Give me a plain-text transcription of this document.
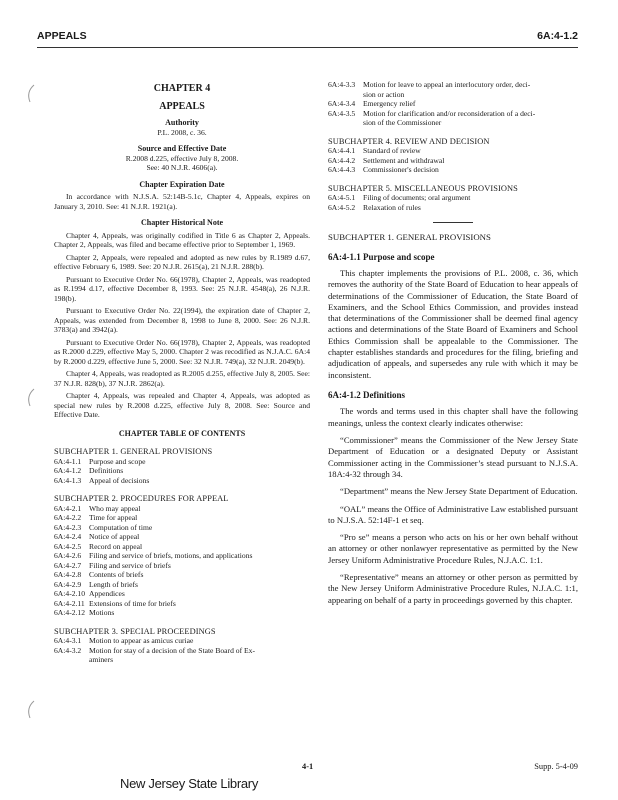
APPEALS	6A:4-1.2
CHAPTER 4
APPEALS
Authority
P.L. 2008, c. 36.
Source and Effective Date
R.2008 d.225, effective July 8, 2008.
See: 40 N.J.R. 4606(a).
Chapter Expiration Date

In accordance with N.J.S.A. 52:14B-5.1c, Chapter 4, Appeals, expires on January 3, 2010. See: 41 N.J.R. 1921(a).

Chapter Historical Note

Chapter 4, Appeals, was originally codified in Title 6 as Chapter 2, Appeals. Chapter 2, Appeals, was filed and became effective prior to September 1, 1969.

Chapter 2, Appeals, were repealed and adopted as new rules by R.1989 d.67, effective February 6, 1989. See: 20 N.J.R. 2615(a), 21 N.J.R. 288(b).

Pursuant to Executive Order No. 66(1978), Chapter 2, Appeals, was readopted as R.1994 d.17, effective December 8, 1993. See: 25 N.J.R. 4548(a), 26 N.J.R. 198(b).

Pursuant to Executive Order No. 22(1994), the expiration date of Chapter 2, Appeals, was extended from December 8, 1998 to June 8, 2000. See: 26 N.J.R. 3783(a) and 3942(a).

Pursuant to Executive Order No. 66(1978), Chapter 2, Appeals, was readopted as R.2000 d.229, effective May 5, 2000. Chapter 2 was recodified as N.J.A.C. 6A:4 by R.2000 d.229, effective June 5, 2000. See: 32 N.J.R. 749(a), 32 N.J.R. 2049(b).

Chapter 4, Appeals, was readopted as R.2005 d.255, effective July 8, 2005. See: 37 N.J.R. 828(b), 37 N.J.R. 2862(a).

Chapter 4, Appeals, was repealed and Chapter 4, Appeals, was adopted as special new rules by R.2008 d.225, effective July 8, 2008. See: Source and Effective Date.

CHAPTER TABLE OF CONTENTS
SUBCHAPTER 1. GENERAL PROVISIONS
6A:4-1.1	Purpose and scope
6A:4-1.2	Definitions
6A:4-1.3	Appeal of decisions
SUBCHAPTER 2. PROCEDURES FOR APPEAL
6A:4-2.1	Who may appeal
6A:4-2.2	Time for appeal
6A:4-2.3	Computation of time
6A:4-2.4	Notice of appeal
6A:4-2.5	Record on appeal
6A:4-2.6	Filing and service of briefs, motions, and applications
6A:4-2.7	Filing and service of briefs
6A:4-2.8	Contents of briefs
6A:4-2.9	Length of briefs
6A:4-2.10 Appendices
6A:4-2.11 Extensions of time for briefs
6A:4-2.12 Motions
SUBCHAPTER 3. SPECIAL PROCEEDINGS
6A:4-3.1	Motion to appear as amicus curiae
6A:4-3.2	Motion for stay of a decision of the State Board of Ex-
aminers
6A:4-3.3	Motion for leave to appeal an interlocutory order, deci-
sion or action
6A:4-3.4	Emergency relief
6A:4-3.5	Motion for clarification and/or reconsideration of a deci-
sion of the Commissioner
SUBCHAPTER 4. REVIEW AND DECISION
6A:4-4.1	Standard of review
6A:4-4.2	Settlement and withdrawal
6A:4-4.3	Commissioner's decision
SUBCHAPTER 5. MISCELLANEOUS PROVISIONS
6A:4-5.1	Filing of documents; oral argument
6A:4-5.2	Relaxation of rules
SUBCHAPTER 1. GENERAL PROVISIONS
6A:4-1.1 Purpose and scope

This chapter implements the provisions of P.L. 2008, c. 36, which removes the authority of the State Board of Education to hear appeals of determinations of the Commissioner of Education, the State Board of Examiners, and the School Ethics Commission, and provides instead that determinations of the Commissioner shall be deemed final agency actions and determinations of the State Board of Examiners and School Ethics Commission shall be appealable to the Commissioner. The chapter establishes standards and procedures for the filing, briefing and adjudication of appeals, and supersedes any rule with which it may be inconsistent.

6A:4-1.2 Definitions

The words and terms used in this chapter shall have the following meanings, unless the context clearly indicates otherwise:

“Commissioner” means the Commissioner of the New Jersey State Department of Education or a designated Deputy or Assistant Commissioner acting in the Commissioner’s stead pursuant to N.J.S.A. 18A:4-32 through 34.

“Department” means the New Jersey State Department of Education.

“OAL” means the Office of Administrative Law established pursuant to N.J.S.A. 52:14F-1 et seq.

“Pro se” means a person who acts on his or her own behalf without an attorney or other nonlawyer representative as permitted by the New Jersey Uniform Administrative Procedure Rules, N.J.A.C. 1:1.

“Representative” means an attorney or other person as permitted by the New Jersey Uniform Administrative Procedure Rules, N.J.A.C. 1:1, appearing on behalf of a party in proceedings governed by this chapter.

4-1	Supp. 5-4-09
New Jersey State Library
